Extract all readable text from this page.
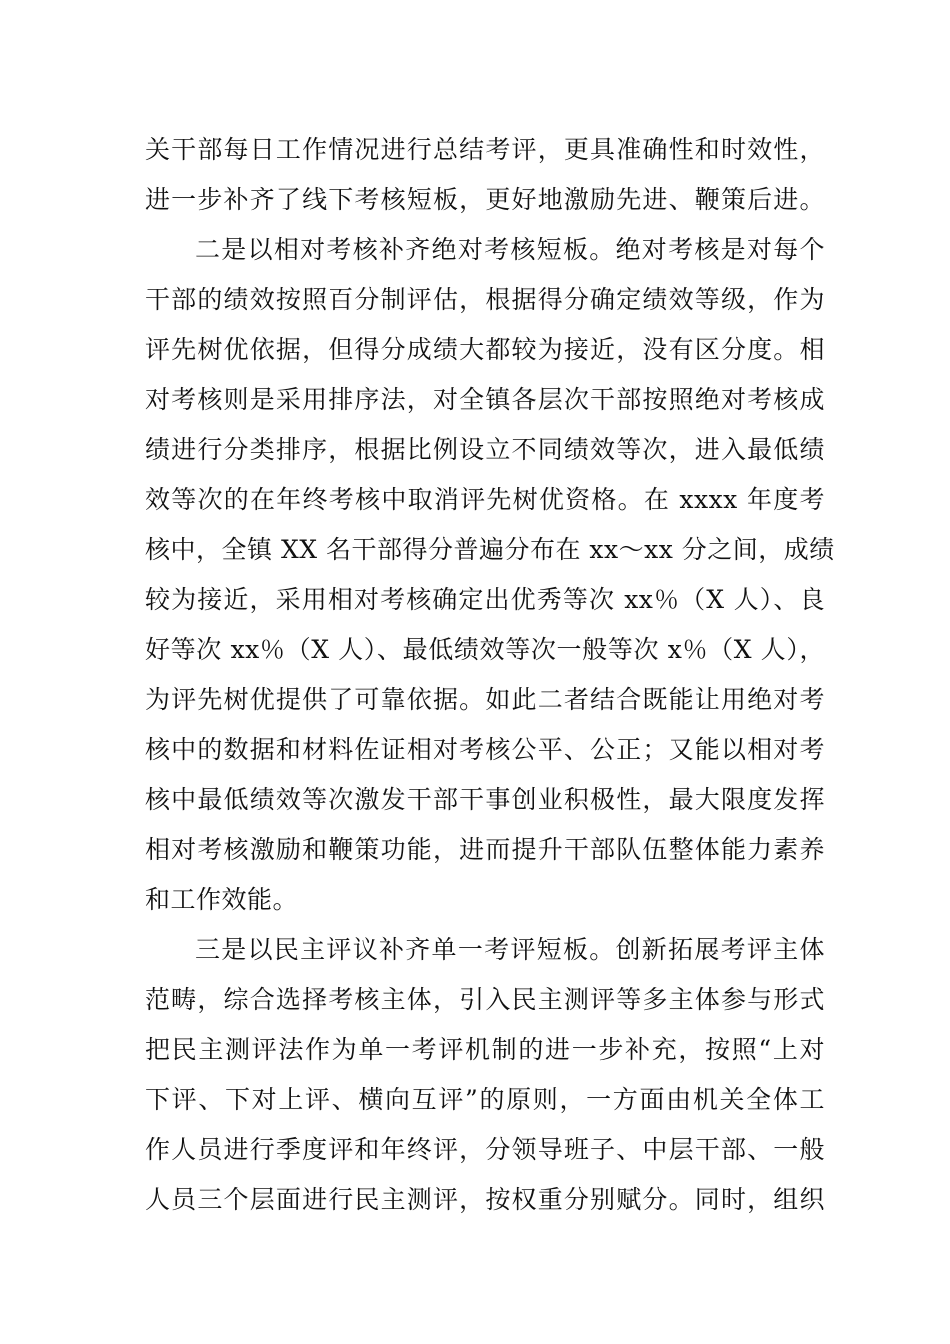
关干部每日工作情况进行总结考评，更具准确性和时效性，
进一步补齐了线下考核短板，更好地激励先进、鞭策后进。
二是以相对考核补齐绝对考核短板。绝对考核是对每个
干部的绩效按照百分制评估，根据得分确定绩效等级，作为
评先树优依据，但得分成绩大都较为接近，没有区分度。相
对考核则是采用排序法，对全镇各层次干部按照绝对考核成
绩进行分类排序，根据比例设立不同绩效等次，进入最低绩
效等次的在年终考核中取消评先树优资格。在 xxxx 年度考
核中，全镇 XX 名干部得分普遍分布在 xx～xx 分之间，成绩
较为接近，采用相对考核确定出优秀等次 xx％（X 人）、良
好等次 xx％（X 人）、最低绩效等次一般等次 x％（X 人），
为评先树优提供了可靠依据。如此二者结合既能让用绝对考
核中的数据和材料佐证相对考核公平、公正；又能以相对考
核中最低绩效等次激发干部干事创业积极性，最大限度发挥
相对考核激励和鞭策功能，进而提升干部队伍整体能力素养
和工作效能。
三是以民主评议补齐单一考评短板。创新拓展考评主体
范畴，综合选择考核主体，引入民主测评等多主体参与形式
把民主测评法作为单一考评机制的进一步补充，按照“上对
下评、下对上评、横向互评”的原则，一方面由机关全体工
作人员进行季度评和年终评，分领导班子、中层干部、一般
人员三个层面进行民主测评，按权重分别赋分。同时，组织
